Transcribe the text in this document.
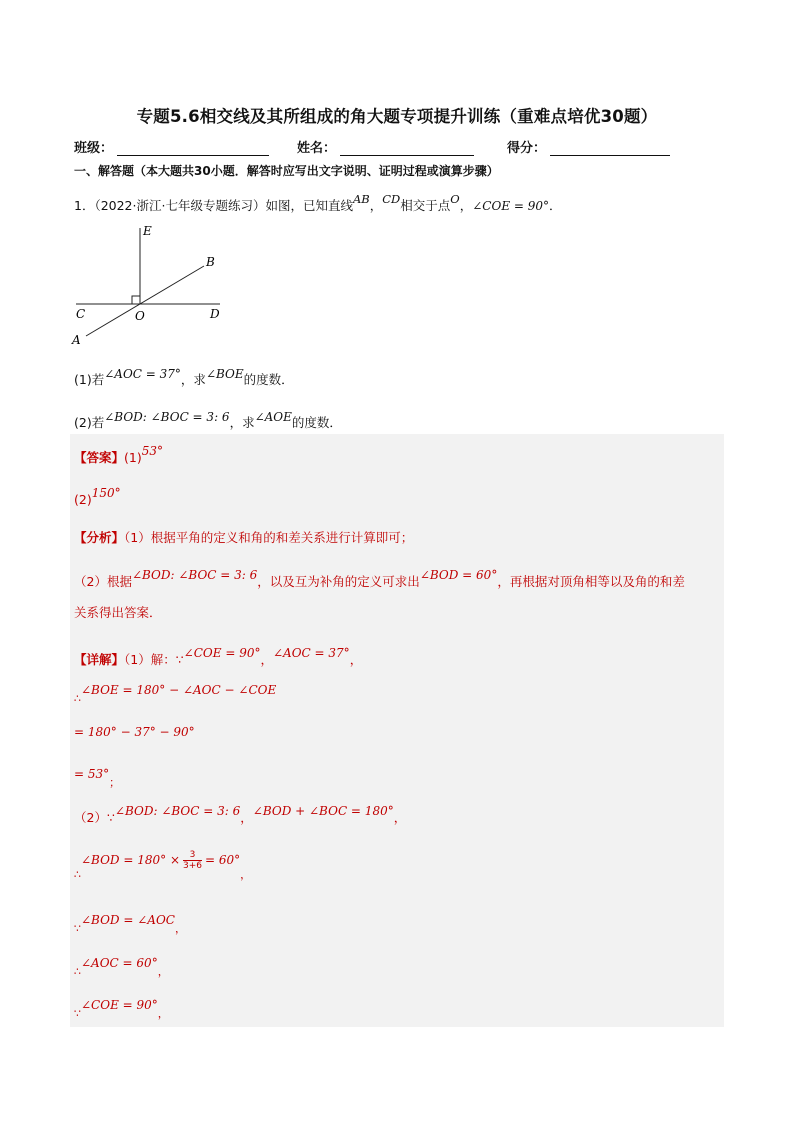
专题5.6相交线及其所组成的角大题专项提升训练（重难点培优30题）
班级：	姓名：	得分：
一、解答题（本大题共30小题．解答时应写出文字说明、证明过程或演算步骤）
1．（2022·浙江·七年级专题练习）如图，已知直线AB，CD相交于点O，∠COE = 90°．
E
B
C	O	D
A
(1)若∠AOC = 37°，求∠BOE的度数．
(2)若∠BOD: ∠BOC = 3: 6，求∠AOE的度数．
【答案】(1)53°
(2)150°
【分析】（1）根据平角的定义和角的和差关系进行计算即可；
（2）根据∠BOD: ∠BOC = 3: 6，以及互为补角的定义可求出∠BOD = 60°，再根据对顶角相等以及角的和差
关系得出答案．
【详解】（1）解：∵∠COE = 90°，∠AOC = 37°，
∴∠BOE = 180° − ∠AOC − ∠COE
= 180° − 37° − 90°
= 53°；
（2）∵∠BOD: ∠BOC = 3: 6，∠BOD + ∠BOC = 180°，
∴∠BOD = $180^\circ \times \frac{3}{3+6} = 60^\circ$，
∵∠BOD = ∠AOC，
∴∠AOC = 60°，
∵∠COE = 90°，
